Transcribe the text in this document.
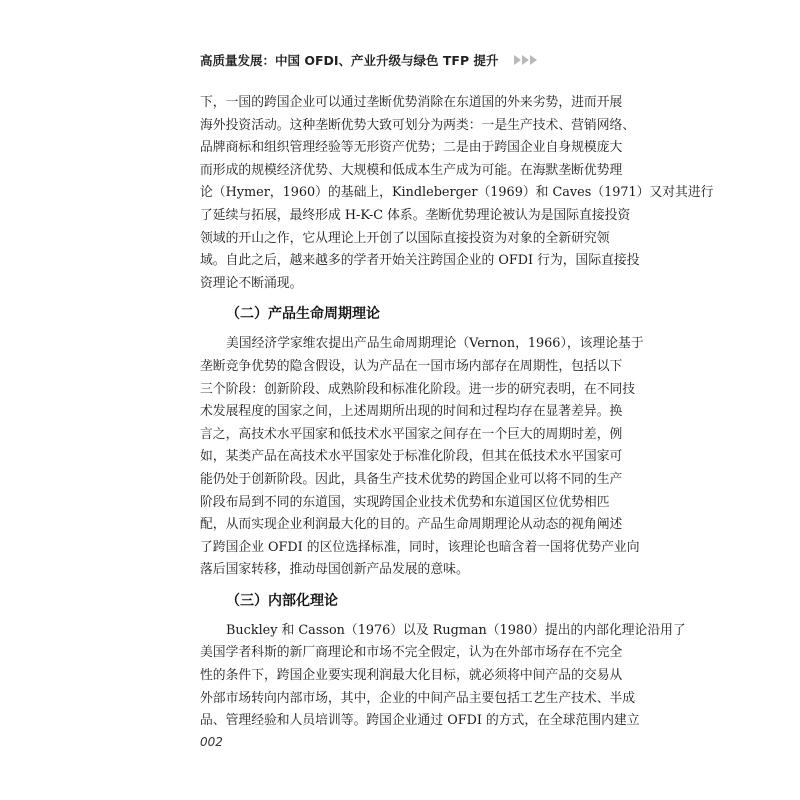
高质量发展：中国 OFDI、产业升级与绿色 TFP 提升

下，一国的跨国企业可以通过垄断优势消除在东道国的外来劣势，进而开展
海外投资活动。这种垄断优势大致可划分为两类：一是生产技术、营销网络、
品牌商标和组织管理经验等无形资产优势；二是由于跨国企业自身规模庞大
而形成的规模经济优势、大规模和低成本生产成为可能。在海默垄断优势理
论（Hymer，1960）的基础上，Kindleberger（1969）和 Caves（1971）又对其进行
了延续与拓展，最终形成 H-K-C 体系。垄断优势理论被认为是国际直接投资
领域的开山之作，它从理论上开创了以国际直接投资为对象的全新研究领
域。自此之后，越来越多的学者开始关注跨国企业的 OFDI 行为，国际直接投
资理论不断涌现。

（二）产品生命周期理论

美国经济学家维农提出产品生命周期理论（Vernon，1966），该理论基于
垄断竞争优势的隐含假设，认为产品在一国市场内部存在周期性，包括以下
三个阶段：创新阶段、成熟阶段和标准化阶段。进一步的研究表明，在不同技
术发展程度的国家之间，上述周期所出现的时间和过程均存在显著差异。换
言之，高技术水平国家和低技术水平国家之间存在一个巨大的周期时差，例
如，某类产品在高技术水平国家处于标准化阶段，但其在低技术水平国家可
能仍处于创新阶段。因此，具备生产技术优势的跨国企业可以将不同的生产
阶段布局到不同的东道国，实现跨国企业技术优势和东道国区位优势相匹
配，从而实现企业利润最大化的目的。产品生命周期理论从动态的视角阐述
了跨国企业 OFDI 的区位选择标准，同时，该理论也暗含着一国将优势产业向
落后国家转移，推动母国创新产品发展的意味。

（三）内部化理论

Buckley 和 Casson（1976）以及 Rugman（1980）提出的内部化理论沿用了
美国学者科斯的新厂商理论和市场不完全假定，认为在外部市场存在不完全
性的条件下，跨国企业要实现利润最大化目标，就必须将中间产品的交易从
外部市场转向内部市场，其中，企业的中间产品主要包括工艺生产技术、半成
品、管理经验和人员培训等。跨国企业通过 OFDI 的方式，在全球范围内建立

002
